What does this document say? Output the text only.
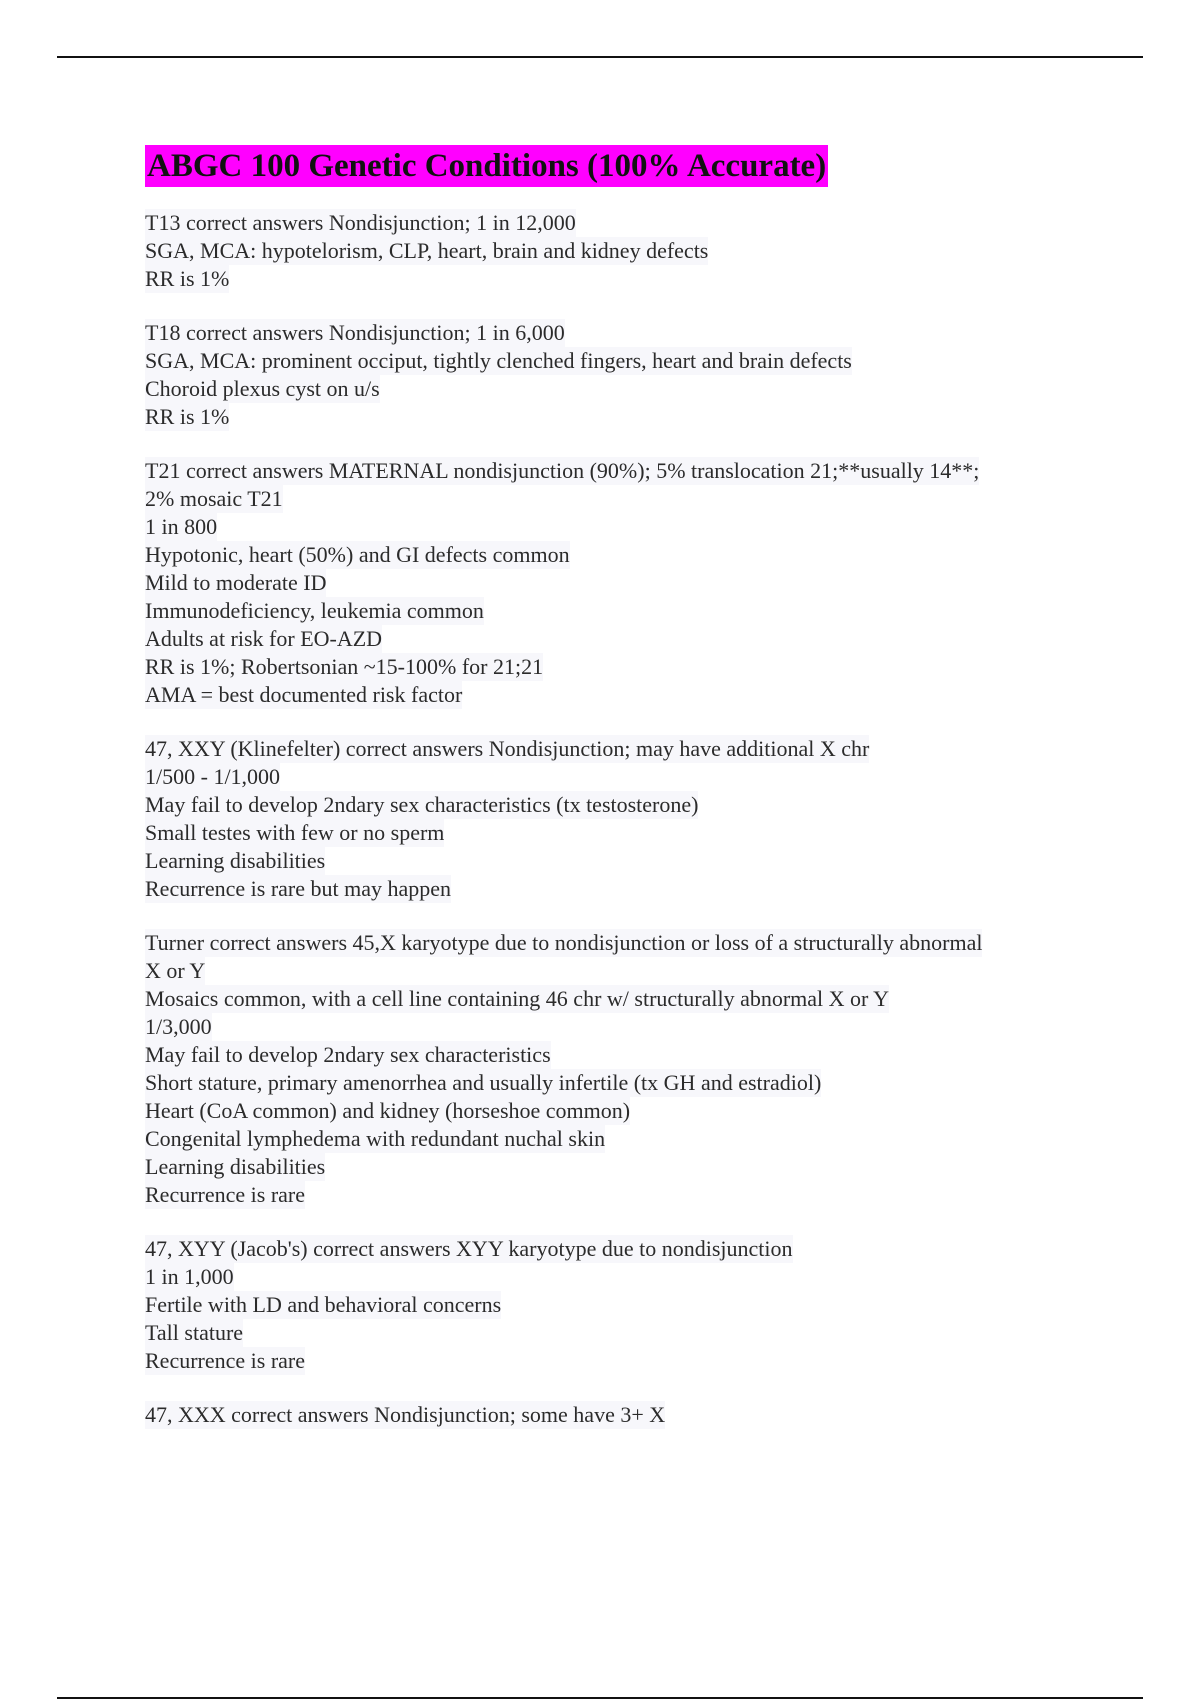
ABGC 100 Genetic Conditions (100% Accurate)
T13 correct answers Nondisjunction; 1 in 12,000
SGA, MCA: hypotelorism, CLP, heart, brain and kidney defects
RR is 1%
T18 correct answers Nondisjunction; 1 in 6,000
SGA, MCA: prominent occiput, tightly clenched fingers, heart and brain defects
Choroid plexus cyst on u/s
RR is 1%
T21 correct answers MATERNAL nondisjunction (90%); 5% translocation 21;**usually 14**;
2% mosaic T21
1 in 800
Hypotonic, heart (50%) and GI defects common
Mild to moderate ID
Immunodeficiency, leukemia common
Adults at risk for EO-AZD
RR is 1%; Robertsonian ~15-100% for 21;21
AMA = best documented risk factor
47, XXY (Klinefelter) correct answers Nondisjunction; may have additional X chr
1/500 - 1/1,000
May fail to develop 2ndary sex characteristics (tx testosterone)
Small testes with few or no sperm
Learning disabilities
Recurrence is rare but may happen
Turner correct answers 45,X karyotype due to nondisjunction or loss of a structurally abnormal
X or Y
Mosaics common, with a cell line containing 46 chr w/ structurally abnormal X or Y
1/3,000
May fail to develop 2ndary sex characteristics
Short stature, primary amenorrhea and usually infertile (tx GH and estradiol)
Heart (CoA common) and kidney (horseshoe common)
Congenital lymphedema with redundant nuchal skin
Learning disabilities
Recurrence is rare
47, XYY (Jacob's) correct answers XYY karyotype due to nondisjunction
1 in 1,000
Fertile with LD and behavioral concerns
Tall stature
Recurrence is rare
47, XXX correct answers Nondisjunction; some have 3+ X
